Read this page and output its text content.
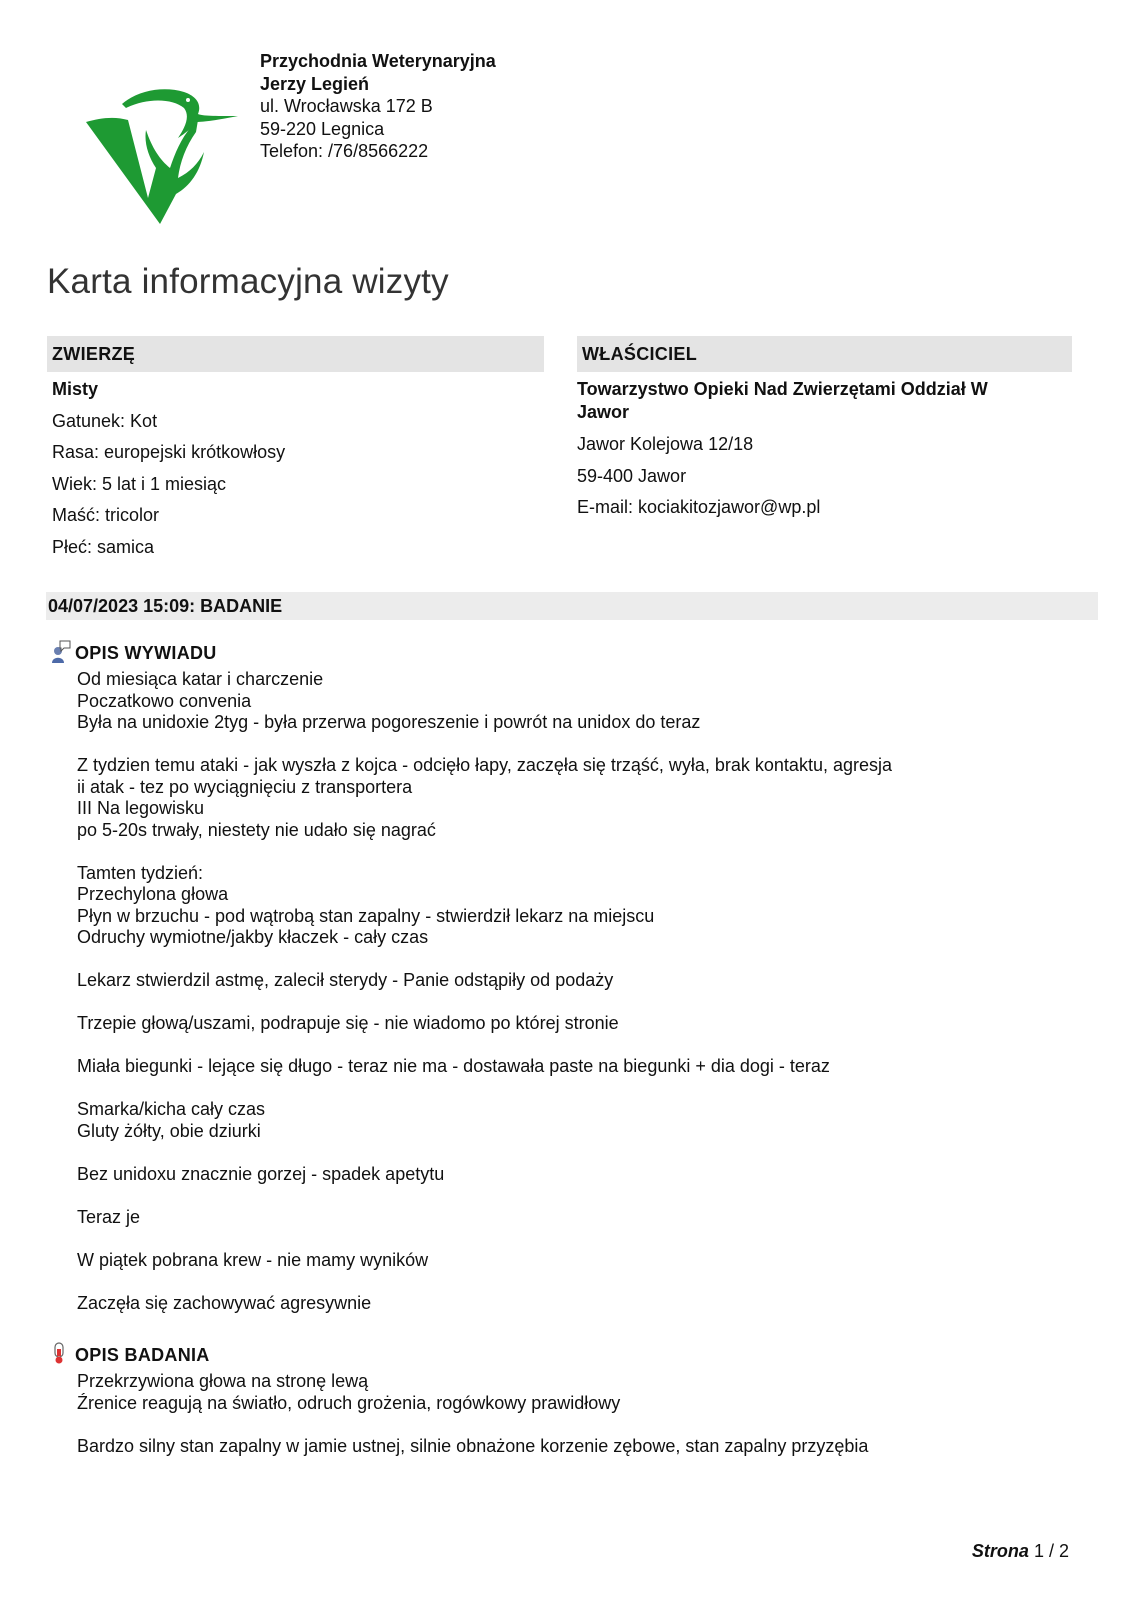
Przychodnia Weterynaryjna
Jerzy Legień
ul. Wrocławska 172 B
59-220 Legnica
Telefon: /76/8566222
Karta informacyjna wizyty
ZWIERZĘ
Misty
Gatunek: Kot
Rasa: europejski krótkowłosy
Wiek: 5 lat i 1 miesiąc
Maść: tricolor
Płeć: samica
WŁAŚCICIEL
Towarzystwo Opieki Nad Zwierzętami Oddział W
Jawor
Jawor Kolejowa 12/18
59-400 Jawor
E-mail: kociakitozjawor@wp.pl
04/07/2023 15:09: BADANIE
OPIS WYWIADU
Od miesiąca katar i charczenie
Poczatkowo convenia
Była na unidoxie 2tyg - była przerwa pogoreszenie i powrót na unidox do teraz
Z tydzien temu ataki - jak wyszła z kojca - odcięło łapy, zaczęła się trząść, wyła, brak kontaktu, agresja
ii atak - tez po wyciągnięciu z transportera
III Na legowisku
po 5-20s trwały, niestety nie udało się nagrać
Tamten tydzień:
Przechylona głowa
Płyn w brzuchu - pod wątrobą stan zapalny - stwierdził lekarz na miejscu
Odruchy wymiotne/jakby kłaczek - cały czas
Lekarz stwierdzil astmę, zalecił sterydy - Panie odstąpiły od podaży
Trzepie głową/uszami, podrapuje się - nie wiadomo po której stronie
Miała biegunki - lejące się długo - teraz nie ma - dostawała paste na biegunki + dia dogi - teraz
Smarka/kicha cały czas
Gluty żółty, obie dziurki
Bez unidoxu znacznie gorzej - spadek apetytu
Teraz je
W piątek pobrana krew - nie mamy wyników
Zaczęła się zachowywać agresywnie
OPIS BADANIA
Przekrzywiona głowa na stronę lewą
Źrenice reagują na światło, odruch grożenia, rogówkowy prawidłowy
Bardzo silny stan zapalny w jamie ustnej, silnie obnażone korzenie zębowe, stan zapalny przyzębia
Strona 1 / 2
